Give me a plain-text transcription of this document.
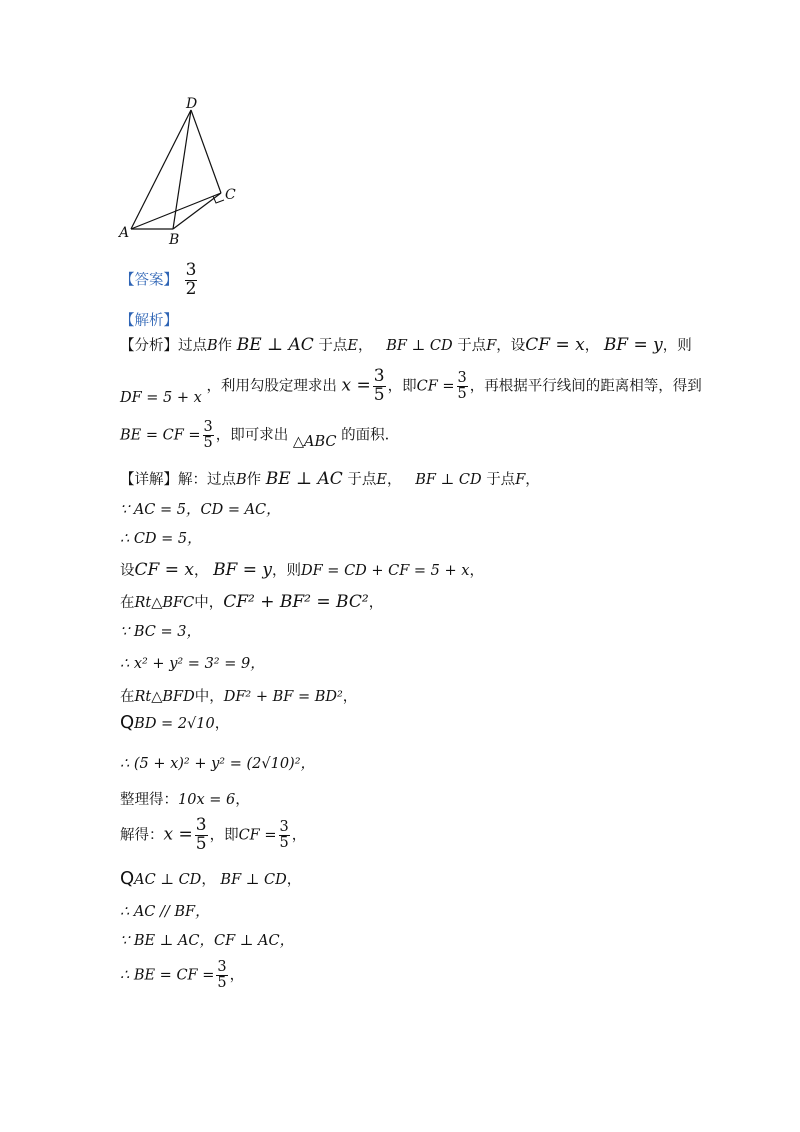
D
C
A	B
【答案】 $\frac{3}{2}$
【解析】
【分析】过点B作 BE ⊥ AC 于点E， BF ⊥ CD 于点F，设CF = x， BF = y，则
DF = 5 + x ，利用勾股定理求出 $x = \frac{3}{5}$ ，即CF = $\frac{3}{5}$ ，再根据平行线间的距离相等，得到
BE = CF = $\frac{3}{5}$ ，即可求出 △ABC 的面积.
【详解】解：过点B作 BE ⊥ AC 于点E， BF ⊥ CD 于点F，
∵ AC = 5，CD = AC，
∴ CD = 5，
设CF = x， BF = y，则DF = CD + CF = 5 + x，
在Rt△BFC中，CF² + BF² = BC²，
∵ BC = 3，
∴ x² + y² = 3² = 9，
在Rt△BFD中，DF² + BF = BD²，
QBD = 2√10，
∴ (5 + x)² + y² = (2√10)²，
整理得：10x = 6，
解得：$x = \frac{3}{5}$ ，即CF = $\frac{3}{5}$ ，
QAC ⊥ CD， BF ⊥ CD，
∴ AC // BF，
∵ BE ⊥ AC，CF ⊥ AC，
∴ BE = CF = $\frac{3}{5}$ ，
